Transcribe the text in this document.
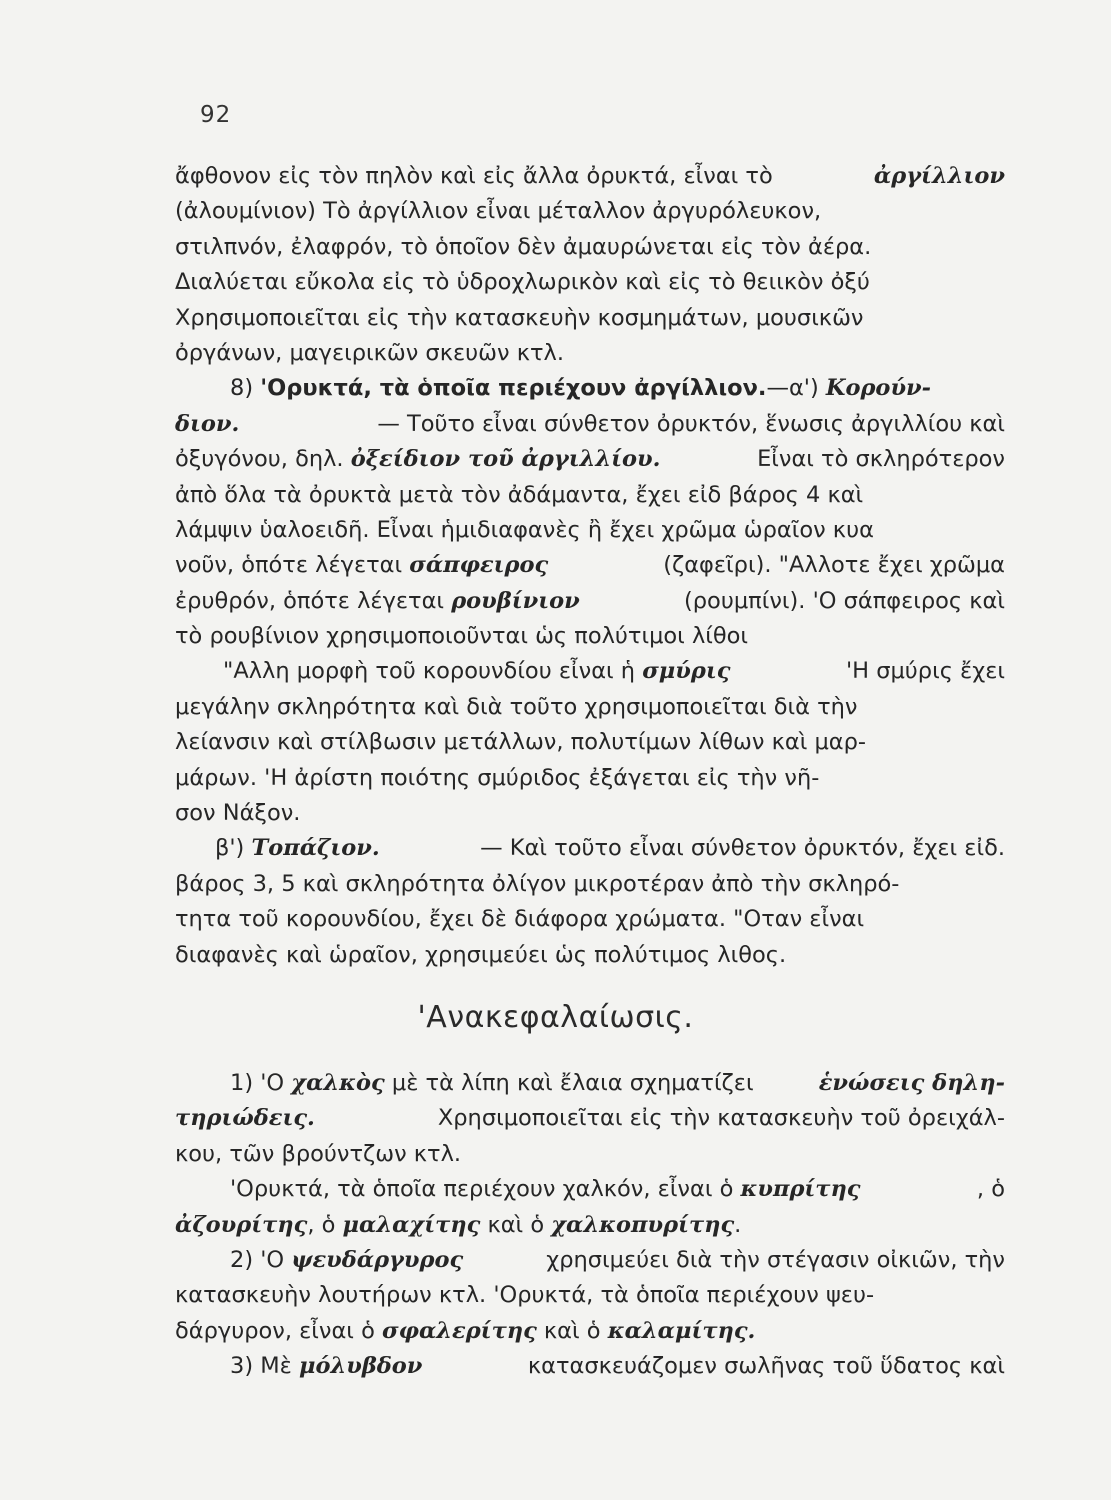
92
ἄφθονον εἰς τὸν πηλὸν καὶ εἰς ἄλλα ὀρυκτά, εἶναι τὸ	ἀργίλλιον
(ἀλουμίνιον) Τὸ ἀργίλλιον εἶναι μέταλλον ἀργυρόλευκον,
στιλπνόν, ἐλαφρόν, τὸ ὁποῖον δὲν ἀμαυρώνεται εἰς τὸν ἀέρα.
Διαλύεται εὔκολα εἰς τὸ ὑδροχλωρικὸν καὶ εἰς τὸ θειικὸν ὀξύ
Χρησιμοποιεῖται εἰς τὴν κατασκευὴν κοσμημάτων, μουσικῶν
ὀργάνων, μαγειρικῶν σκευῶν κτλ.
8) 'Ορυκτά, τὰ ὁποῖα περιέχουν ἀργίλλιον.—α') Κορούν-
διον.	— Τοῦτο εἶναι σύνθετον ὀρυκτόν, ἕνωσις ἀργιλλίου καὶ
ὀξυγόνου, δηλ. ὀξείδιον τοῦ ἀργιλλίου.	Εἶναι τὸ σκληρότερον
ἀπὸ ὅλα τὰ ὀρυκτὰ μετὰ τὸν ἀδάμαντα, ἔχει εἰδ βάρος 4 καὶ
λάμψιν ὑαλοειδῆ. Εἶναι ἡμιδιαφανὲς ἢ ἔχει χρῶμα ὡραῖον κυα
νοῦν, ὁπότε λέγεται σάπφειρος	(ζαφεῖρι). "Αλλοτε ἔχει χρῶμα
ἐρυθρόν, ὁπότε λέγεται ρουβίνιον	(ρουμπίνι). 'Ο σάπφειρος καὶ
τὸ ρουβίνιον χρησιμοποιοῦνται ὡς πολύτιμοι λίθοι
"Αλλη μορφὴ τοῦ κορουνδίου εἶναι ἡ σμύρις	'Η σμύρις ἔχει
μεγάλην σκληρότητα καὶ διὰ τοῦτο χρησιμοποιεῖται διὰ τὴν
λείανσιν καὶ στίλβωσιν μετάλλων, πολυτίμων λίθων καὶ μαρ-
μάρων. 'Η ἀρίστη ποιότης σμύριδος ἐξάγεται εἰς τὴν νῆ-
σον Νάξον.
β') Τοπάζιον.	— Καὶ τοῦτο εἶναι σύνθετον ὀρυκτόν, ἔχει εἰδ.
βάρος 3, 5 καὶ σκληρότητα ὀλίγον μικροτέραν ἀπὸ τὴν σκληρό-
τητα τοῦ κορουνδίου, ἔχει δὲ διάφορα χρώματα. "Οταν εἶναι
διαφανὲς καὶ ὡραῖον, χρησιμεύει ὡς πολύτιμος λιθος.
'Ανακεφαλαίωσις.
1) 'Ο χαλκὸς μὲ τὰ λίπη καὶ ἔλαια σχηματίζει	ἑνώσεις δηλη-
τηριώδεις.	Χρησιμοποιεῖται εἰς τὴν κατασκευὴν τοῦ ὀρειχάλ-
κου, τῶν βρούντζων κτλ.
'Ορυκτά, τὰ ὁποῖα περιέχουν χαλκόν, εἶναι ὁ κυπρίτης	, ὁ
ἀζουρίτης , ὁ μαλαχίτης καὶ ὁ χαλκοπυρίτης .
2) 'Ο ψευδάργυρος	χρησιμεύει διὰ τὴν στέγασιν οἰκιῶν, τὴν
κατασκευὴν λουτήρων κτλ. 'Ορυκτά, τὰ ὁποῖα περιέχουν ψευ-
δάργυρον, εἶναι ὁ σφαλερίτης καὶ ὁ καλαμίτης.
3) Μὲ μόλυβδον	κατασκευάζομεν σωλῆνας τοῦ ὕδατος καὶ
